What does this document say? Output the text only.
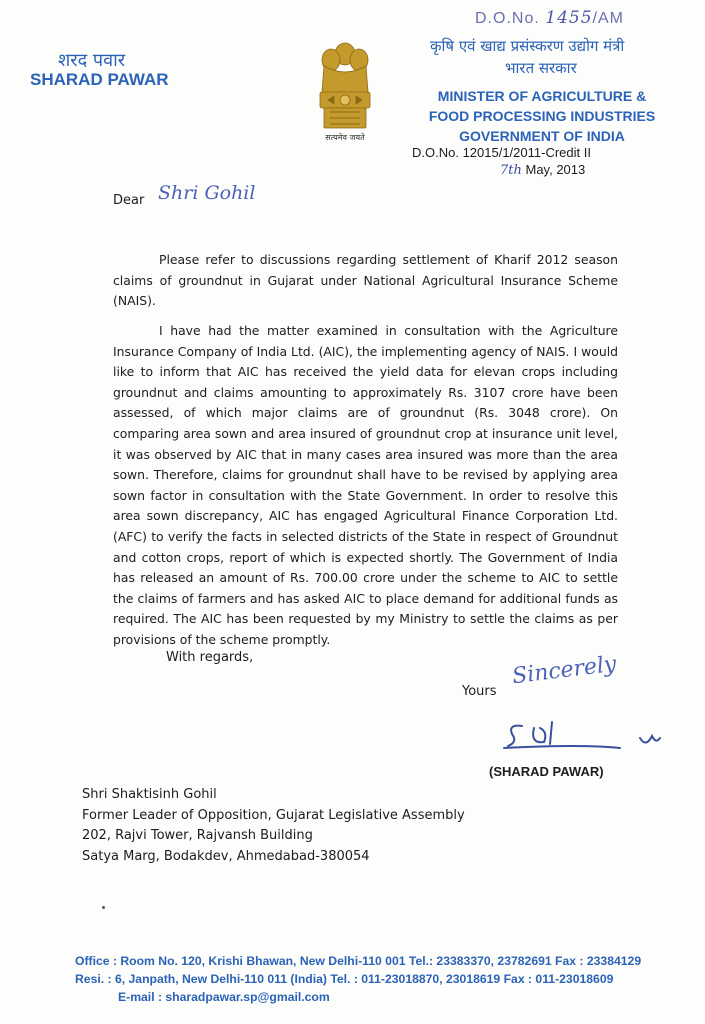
शरद पवार
SHARAD PAWAR
सत्यमेव जयते
D.O.No. 1455/AM
कृषि एवं खाद्य प्रसंस्करण उद्योग मंत्री
भारत सरकार
MINISTER OF AGRICULTURE &
FOOD PROCESSING INDUSTRIES
GOVERNMENT OF INDIA
D.O.No. 12015/1/2011-Credit II
7th May, 2013
Dear Shri Gohil
Please refer to discussions regarding settlement of Kharif 2012 season claims of groundnut in Gujarat under National Agricultural Insurance Scheme (NAIS).
I have had the matter examined in consultation with the Agriculture Insurance Company of India Ltd. (AIC), the implementing agency of NAIS. I would like to inform that AIC has received the yield data for elevan crops including groundnut and claims amounting to approximately Rs. 3107 crore have been assessed, of which major claims are of groundnut (Rs. 3048 crore). On comparing area sown and area insured of groundnut crop at insurance unit level, it was observed by AIC that in many cases area insured was more than the area sown. Therefore, claims for groundnut shall have to be revised by applying area sown factor in consultation with the State Government. In order to resolve this area sown discrepancy, AIC has engaged Agricultural Finance Corporation Ltd. (AFC) to verify the facts in selected districts of the State in respect of Groundnut and cotton crops, report of which is expected shortly. The Government of India has released an amount of Rs. 700.00 crore under the scheme to AIC to settle the claims of farmers and has asked AIC to place demand for additional funds as required. The AIC has been requested by my Ministry to settle the claims as per provisions of the scheme promptly.
With regards,
Yours
Sincerely
(SHARAD PAWAR)
Shri Shaktisinh Gohil
Former Leader of Opposition, Gujarat Legislative Assembly
202, Rajvi Tower, Rajvansh Building
Satya Marg, Bodakdev, Ahmedabad-380054
Office : Room No. 120, Krishi Bhawan, New Delhi-110 001 Tel.: 23383370, 23782691 Fax : 23384129
Resi. : 6, Janpath, New Delhi-110 011 (India) Tel. : 011-23018870, 23018619 Fax : 011-23018609
E-mail : sharadpawar.sp@gmail.com
